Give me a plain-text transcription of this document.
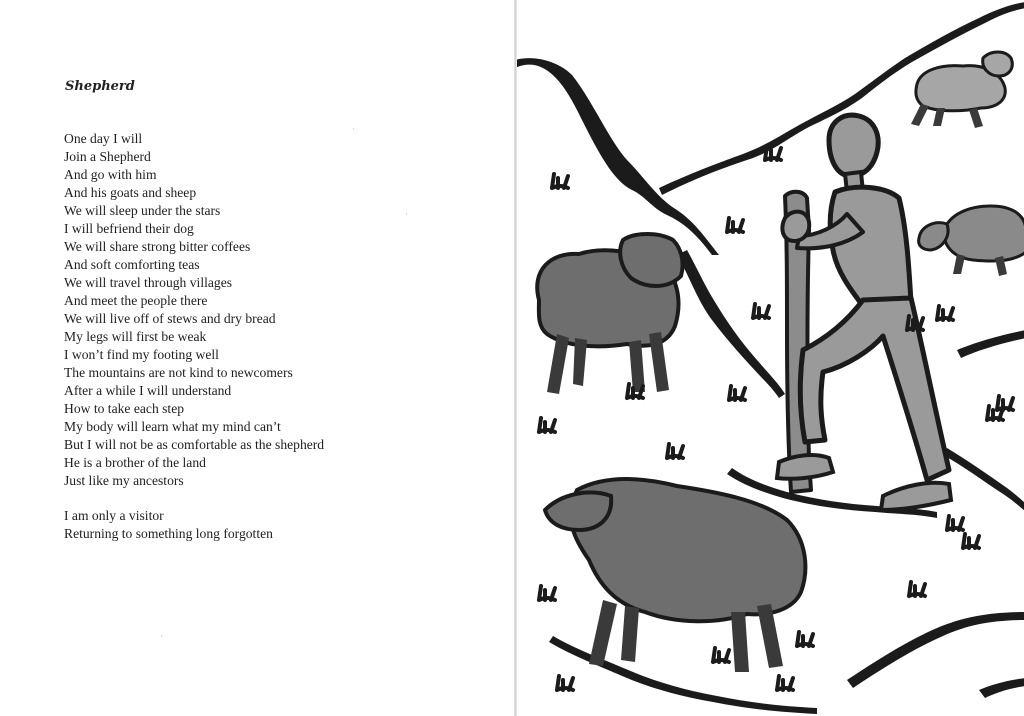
Shepherd
One day I will
Join a Shepherd
And go with him
And his goats and sheep
We will sleep under the stars
I will befriend their dog
We will share strong bitter coffees
And soft comforting teas
We will travel through villages
And meet the people there
We will live off of stews and dry bread
My legs will first be weak
I won’t find my footing well
The mountains are not kind to newcomers
After a while I will understand
How to take each step
My body will learn what my mind can’t
But I will not be as comfortable as the shepherd
He is a brother of the land
Just like my ancestors
I am only a visitor
Returning to something long forgotten
·
·
·
